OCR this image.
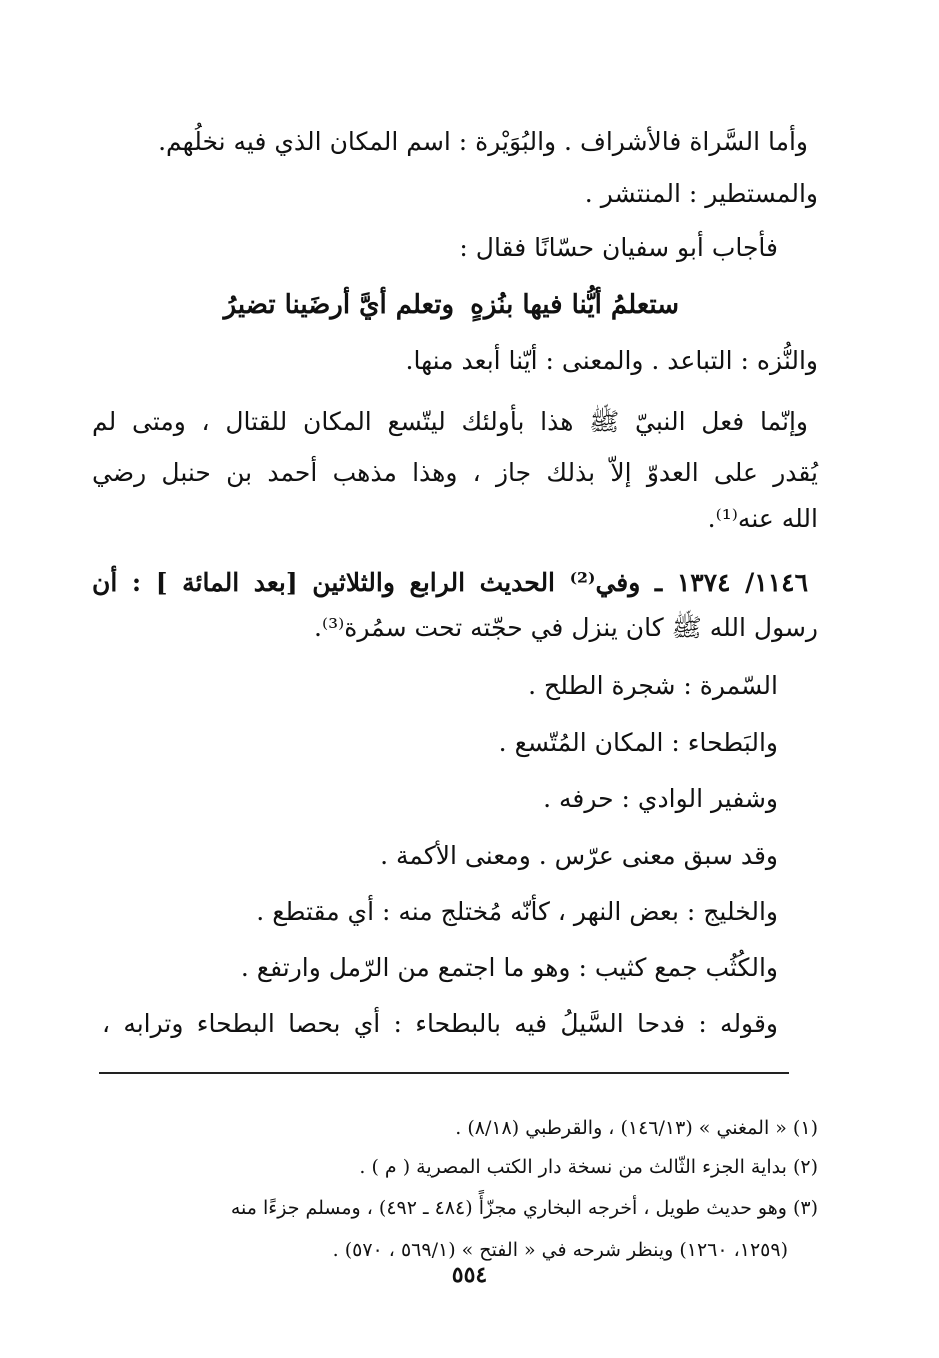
وأما السَّراة فالأشراف . والبُوَيْرة : اسم المكان الذي فيه نخلُهم.

والمستطير : المنتشر .

فأجاب أبو سفيان حسّانًا فقال :

ستعلمُ أيُّنا فيها بنُزهٍ
وتعلم أيَّ أرضَينا تضيرُ

والنُّزه : التباعد . والمعنى : أيّنا أبعد منها.

وإنّما فعل النبيّ ﷺ هذا بأولئك ليتّسع المكان للقتال ، ومتى لم

يُقدر على العدوّ إلاّ بذلك جاز ، وهذا مذهب أحمد بن حنبل رضي

الله عنه⁽¹⁾.

١١٤٦/ ١٣٧٤ ـ وفي⁽²⁾ الحديث الرابع والثلاثين [بعد المائة ] : أن

رسول الله ﷺ كان ينزل في حجّته تحت سمُرة⁽³⁾.

السّمرة : شجرة الطلح .

والبَطحاء : المكان المُتّسع .

وشفير الوادي : حرفه .

وقد سبق معنى عرّس . ومعنى الأكمة .

والخليج : بعض النهر ، كأنّه مُختلج منه : أي مقتطع .

والكُثُب جمع كثيب : وهو ما اجتمع من الرّمل وارتفع .

وقوله : فدحا السَّيلُ فيه بالبطحاء : أي بحصا البطحاء وترابه ،

(١) « المغني » (١٤٦/١٣) ، والقرطبي (٨/١٨) .

(٢) بداية الجزء الثّالث من نسخة دار الكتب المصرية ( م ) .

(٣) وهو حديث طويل ، أخرجه البخاري مجزّأً (٤٨٤ ـ ٤٩٢) ، ومسلم جزءًا منه

(١٢٥٩، ١٢٦٠) وينظر شرحه في « الفتح » (٥٦٩/١ ، ٥٧٠) .

٥٥٤
